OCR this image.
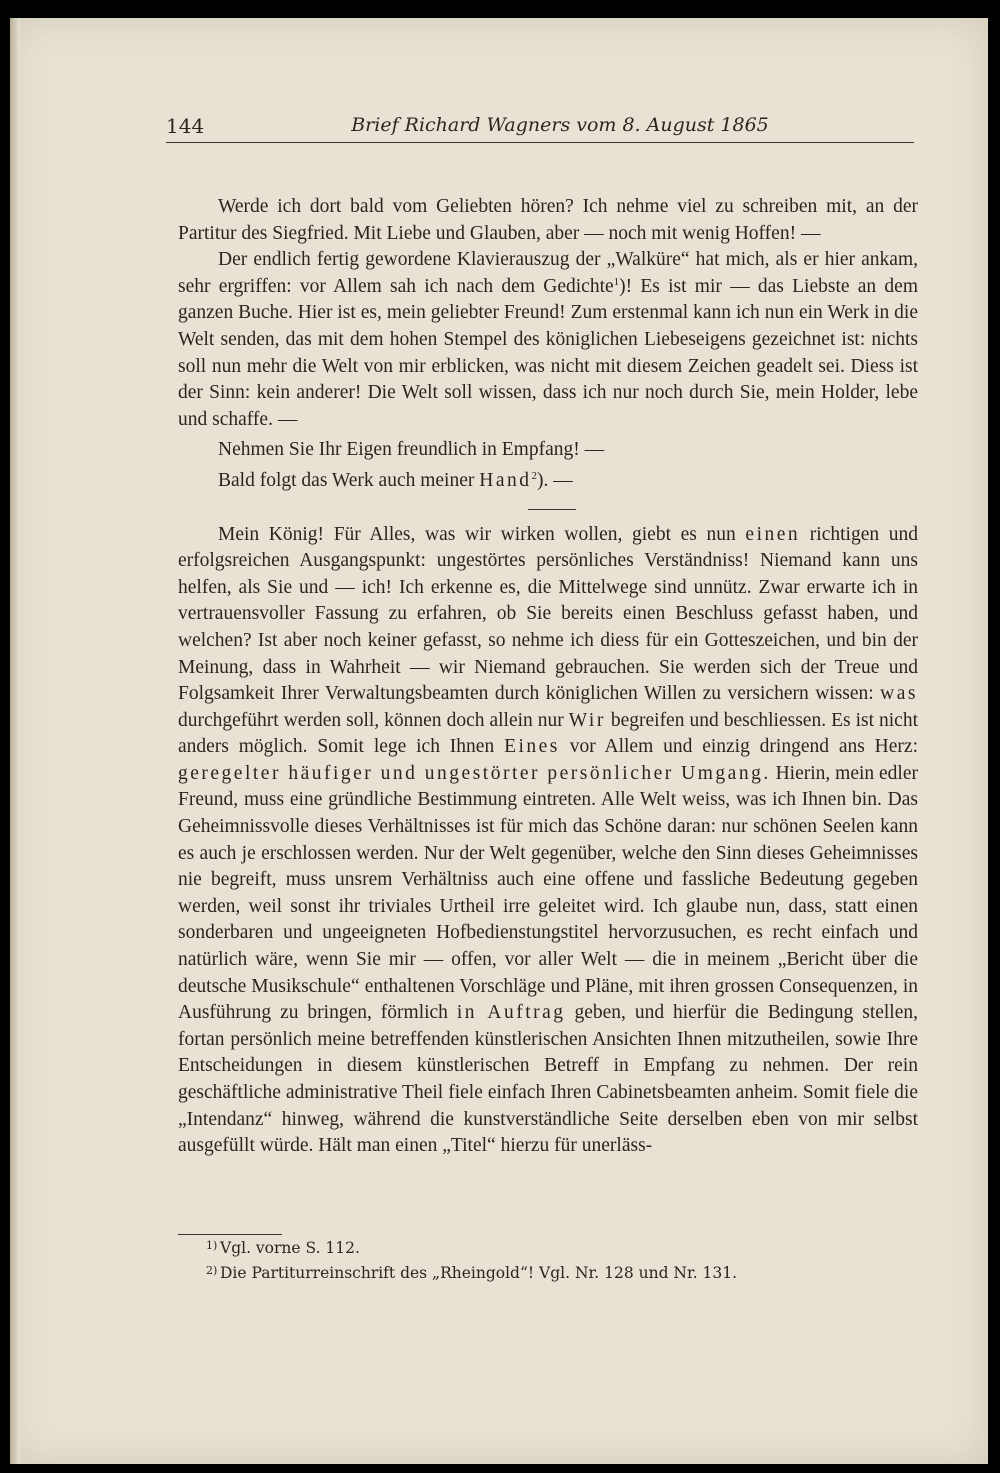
144	Brief Richard Wagners vom 8. August 1865

Werde ich dort bald vom Geliebten hören? Ich nehme viel zu schreiben mit, an der Partitur des Siegfried. Mit Liebe und Glauben, aber — noch mit wenig Hoffen! —

Der endlich fertig gewordene Klavierauszug der „Walküre“ hat mich, als er hier ankam, sehr ergriffen: vor Allem sah ich nach dem Gedichte$^1$)! Es ist mir — das Liebste an dem ganzen Buche. Hier ist es, mein geliebter Freund! Zum erstenmal kann ich nun ein Werk in die Welt senden, das mit dem hohen Stempel des königlichen Liebeseigens gezeichnet ist: nichts soll nun mehr die Welt von mir erblicken, was nicht mit diesem Zeichen geadelt sei. Diess ist der Sinn: kein anderer! Die Welt soll wissen, dass ich nur noch durch Sie, mein Holder, lebe und schaffe. —

Nehmen Sie Ihr Eigen freundlich in Empfang! —

Bald folgt das Werk auch meiner Hand$^2$). —

Mein König! Für Alles, was wir wirken wollen, giebt es nun einen richtigen und erfolgsreichen Ausgangspunkt: ungestörtes persönliches Verständniss! Niemand kann uns helfen, als Sie und — ich! Ich erkenne es, die Mittelwege sind unnütz. Zwar erwarte ich in vertrauensvoller Fassung zu erfahren, ob Sie bereits einen Beschluss gefasst haben, und welchen? Ist aber noch keiner gefasst, so nehme ich diess für ein Gotteszeichen, und bin der Meinung, dass in Wahrheit — wir Niemand gebrauchen. Sie werden sich der Treue und Folgsamkeit Ihrer Verwaltungsbeamten durch königlichen Willen zu versichern wissen: was durchgeführt werden soll, können doch allein nur Wir begreifen und beschliessen. Es ist nicht anders möglich. Somit lege ich Ihnen Eines vor Allem und einzig dringend ans Herz: geregelter häufiger und ungestörter persönlicher Umgang. Hierin, mein edler Freund, muss eine gründliche Bestimmung eintreten. Alle Welt weiss, was ich Ihnen bin. Das Geheimnissvolle dieses Verhältnisses ist für mich das Schöne daran: nur schönen Seelen kann es auch je erschlossen werden. Nur der Welt gegenüber, welche den Sinn dieses Geheimnisses nie begreift, muss unsrem Verhältniss auch eine offene und fassliche Bedeutung gegeben werden, weil sonst ihr triviales Urtheil irre geleitet wird. Ich glaube nun, dass, statt einen sonderbaren und ungeeigneten Hofbedienstungstitel hervorzusuchen, es recht einfach und natürlich wäre, wenn Sie mir — offen, vor aller Welt — die in meinem „Bericht über die deutsche Musikschule“ enthaltenen Vorschläge und Pläne, mit ihren grossen Consequenzen, in Ausführung zu bringen, förmlich in Auftrag geben, und hierfür die Bedingung stellen, fortan persönlich meine betreffenden künstlerischen Ansichten Ihnen mitzutheilen, sowie Ihre Entscheidungen in diesem künstlerischen Betreff in Empfang zu nehmen. Der rein geschäftliche administrative Theil fiele einfach Ihren Cabinetsbeamten anheim. Somit fiele die „Intendanz“ hinweg, während die kunstverständliche Seite derselben eben von mir selbst ausgefüllt würde. Hält man einen „Titel“ hierzu für unerläss-

1) Vgl. vorne S. 112.
2) Die Partiturreinschrift des „Rheingold“! Vgl. Nr. 128 und Nr. 131.
